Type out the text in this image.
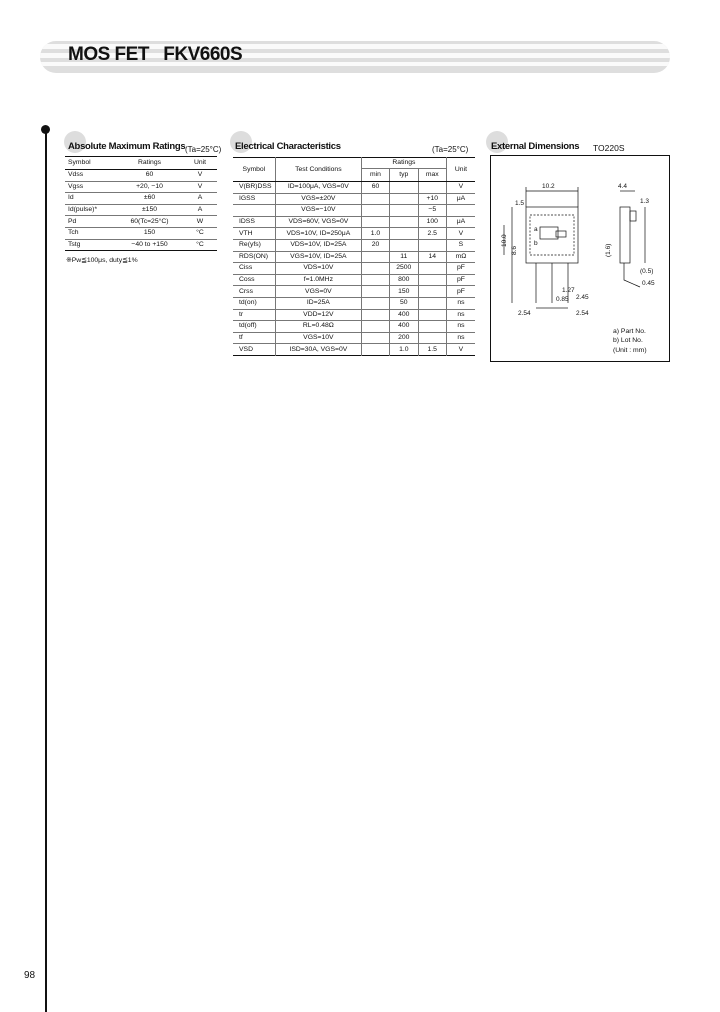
MOS FET   FKV660S
98
Absolute Maximum Ratings (Ta=25°C)
Symbol	Ratings	Unit
Vdss	60	V
Vgss	+20, −10	V
Id	±60	A
Id(pulse)*	±150	A
Pd	60(Tc=25°C)	W
Tch	150	°C
Tstg	−40 to +150	°C
※Pw≦100μs, duty≦1%
Electrical Characteristics	(Ta=25°C)
Symbol	Test Conditions	Ratings			Unit
		min	typ	max	
V(BR)DSS	ID=100μA, VGS=0V	60			V
IGSS	VGS=±20V			+10	μA
	VGS=−10V			−5	
IDSS	VDS=60V, VGS=0V			100	μA
VTH	VDS=10V, ID=250μA	1.0		2.5	V
Re(yfs)	VDS=10V, ID=25A	20			S
RDS(ON)	VGS=10V, ID=25A		11	14	mΩ
Ciss	VDS=10V		2500		pF
Coss	f=1.0MHz		800		pF
Crss	VGS=0V		150		pF
td(on)	ID=25A		50		ns
tr	VDD=12V		400		ns
td(off)	RL=0.48Ω		400		ns
tf	VGS=10V		200		ns
VSD	ISD=30A, VGS=0V		1.0	1.5	V
External Dimensions TO220S
10.2	4.4
1.3
1.5
10.0
8.6	(1.6)
(0.5)
1.27
0.85 2.45
0.45
2.54	2.54
a
b
a) Part No.
b) Lot No.
(Unit : mm)
